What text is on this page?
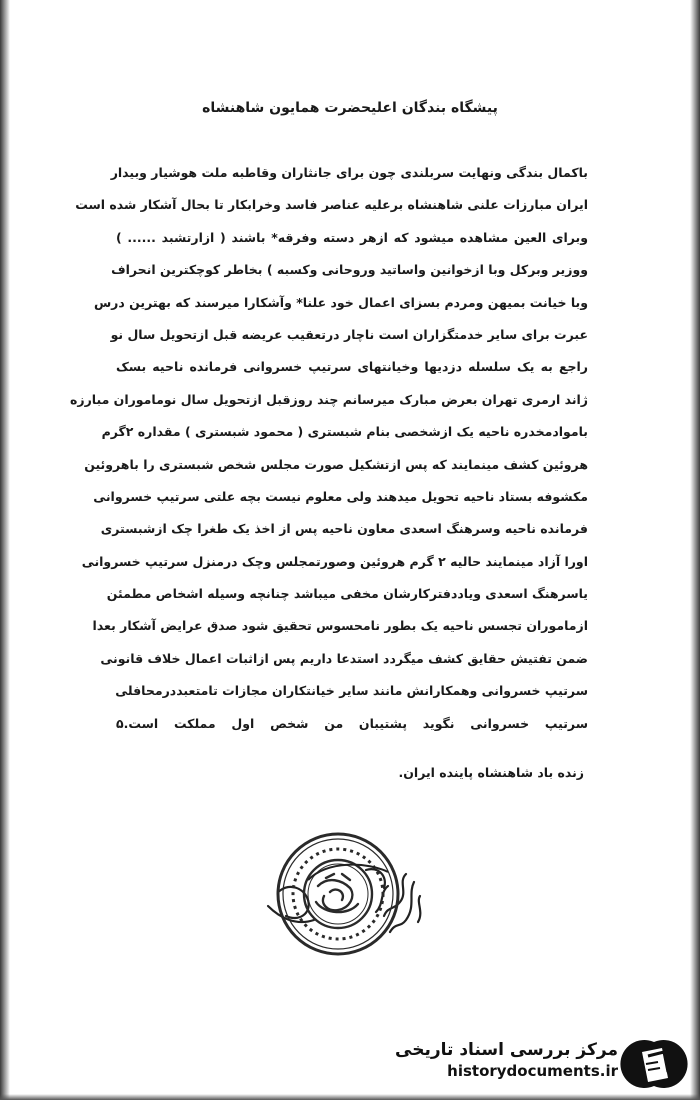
پیشگاه بندگان اعلیحضرت همایون شاهنشاه
باکمال بندگی ونهایت سربلندی چون برای جانثاران وقاطبه ملت هوشیار وبیدار
ایران مبارزات علنی شاهنشاه برعلیه عناصر فاسد وخرابکار تا بحال آشکار شده است
وبرای العین مشاهده میشود که ازهر دسته وفرقه* باشند ( ازارتشبد ...... )
ووزیر وبرکل وبا ازخوانین واساتید وروحانی وکسبه ) بخاطر کوچکترین انحراف
وبا خیانت بمیهن ومردم بسزای اعمال خود علنا* وآشکارا میرسند که بهترین درس
عبرت برای سایر خدمتگزاران است ناچار درتعقیب عریضه قبل ازتحویل سال نو
راجع به یک سلسله دزدیها وخیانتهای سرتیپ خسروانی فرمانده ناحیه بسک
ژاند ارمری تهران بعرض مبارک میرسانم چند روزقبل ازتحویل سال نوماموران مبارزه
باموادمخدره ناحیه یک ازشخصی بنام شبستری ( محمود شبستری ) مقداره ۲گرم
هروئین کشف مینمایند که پس ازتشکیل صورت مجلس شخص شبستری را باهروئین
مکشوفه بستاد ناحیه تحویل میدهند ولی معلوم نیست بچه علتی سرتیپ خسروانی
فرمانده ناحیه وسرهنگ اسعدی معاون ناحیه پس از اخذ یک طغرا چک ازشبستری
اورا آزاد مینمایند حالیه ۲ گرم هروئین وصورتمجلس وچک درمنزل سرتیپ خسروانی
یاسرهنگ اسعدی ویاددفترکارشان مخفی میباشد چنانچه وسیله اشخاص مطمئن
ازماموران تجسس ناحیه یک بطور نامحسوس تحقیق شود صدق عرایض آشکار بعدا
ضمن تفتیش حقایق کشف میگردد استدعا داریم پس ازاثبات اعمال خلاف قانونی
سرتیپ خسروانی وهمکارانش مانند سایر خیانتکاران مجازات تامتعبددرمحافلی
سرتیپ خسروانی نگوید پشتیبان من شخص اول مملکت است.۵
زنده باد شاهنشاه پاینده ایران.
مرکز بررسی اسناد تاریخی
historydocuments.ir
